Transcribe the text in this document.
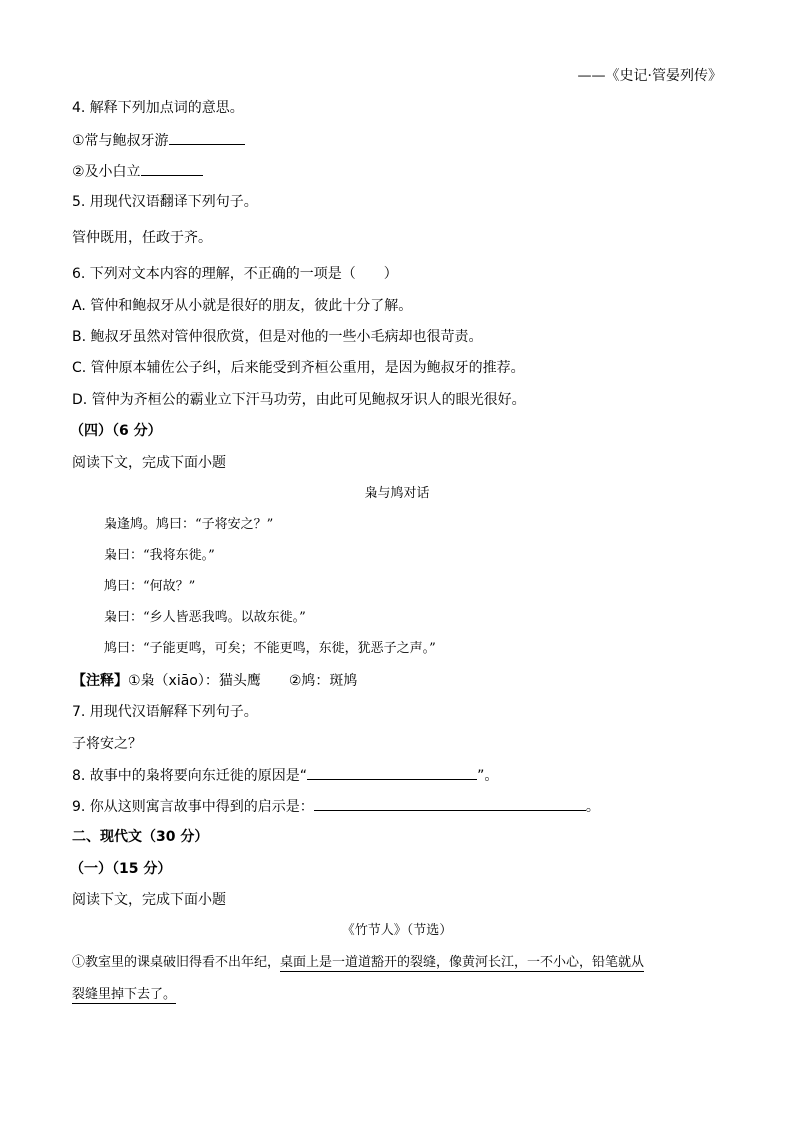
——《史记·管晏列传》
4. 解释下列加点词的意思。
①常与鲍叔牙游
②及小白立
5. 用现代汉语翻译下列句子。
管仲既用，任政于齐。
6. 下列对文本内容的理解，不正确的一项是（　　）
A. 管仲和鲍叔牙从小就是很好的朋友，彼此十分了解。
B. 鲍叔牙虽然对管仲很欣赏，但是对他的一些小毛病却也很苛责。
C. 管仲原本辅佐公子纠，后来能受到齐桓公重用，是因为鲍叔牙的推荐。
D. 管仲为齐桓公的霸业立下汗马功劳，由此可见鲍叔牙识人的眼光很好。
（四）（6 分）
阅读下文，完成下面小题
枭与鸠对话
枭逢鸠。鸠曰：“子将安之？”
枭曰：“我将东徙。”
鸠曰：“何故？”
枭曰：“乡人皆恶我鸣。以故东徙。”
鸠曰：“子能更鸣，可矣；不能更鸣，东徙，犹恶子之声。”
【注释】①枭（xiāo）：猫头鹰　　②鸠：斑鸠
7. 用现代汉语解释下列句子。
子将安之？
8. 故事中的枭将要向东迁徙的原因是“	”。
9. 你从这则寓言故事中得到的启示是：	。
二、现代文（30 分）
（一）（15 分）
阅读下文，完成下面小题
《竹节人》（节选）
①教室里的课桌破旧得看不出年纪，桌面上是一道道豁开的裂缝，像黄河长江，一不小心，铅笔就从
裂缝里掉下去了。
